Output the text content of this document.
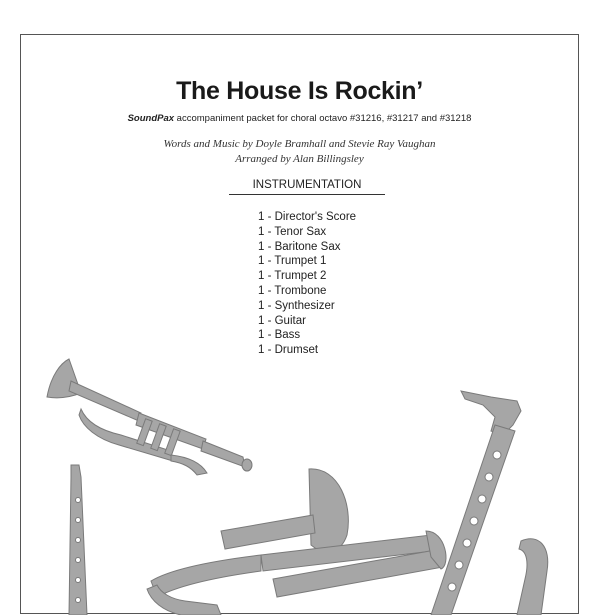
The House Is Rockin’
SoundPax accompaniment packet for choral octavo #31216, #31217 and #31218
Words and Music by Doyle Bramhall and Stevie Ray Vaughan
Arranged by Alan Billingsley
INSTRUMENTATION
1 - Director's Score
1 - Tenor Sax
1 - Baritone Sax
1 - Trumpet 1
1 - Trumpet 2
1 - Trombone
1 - Synthesizer
1 - Guitar
1 - Bass
1 - Drumset
